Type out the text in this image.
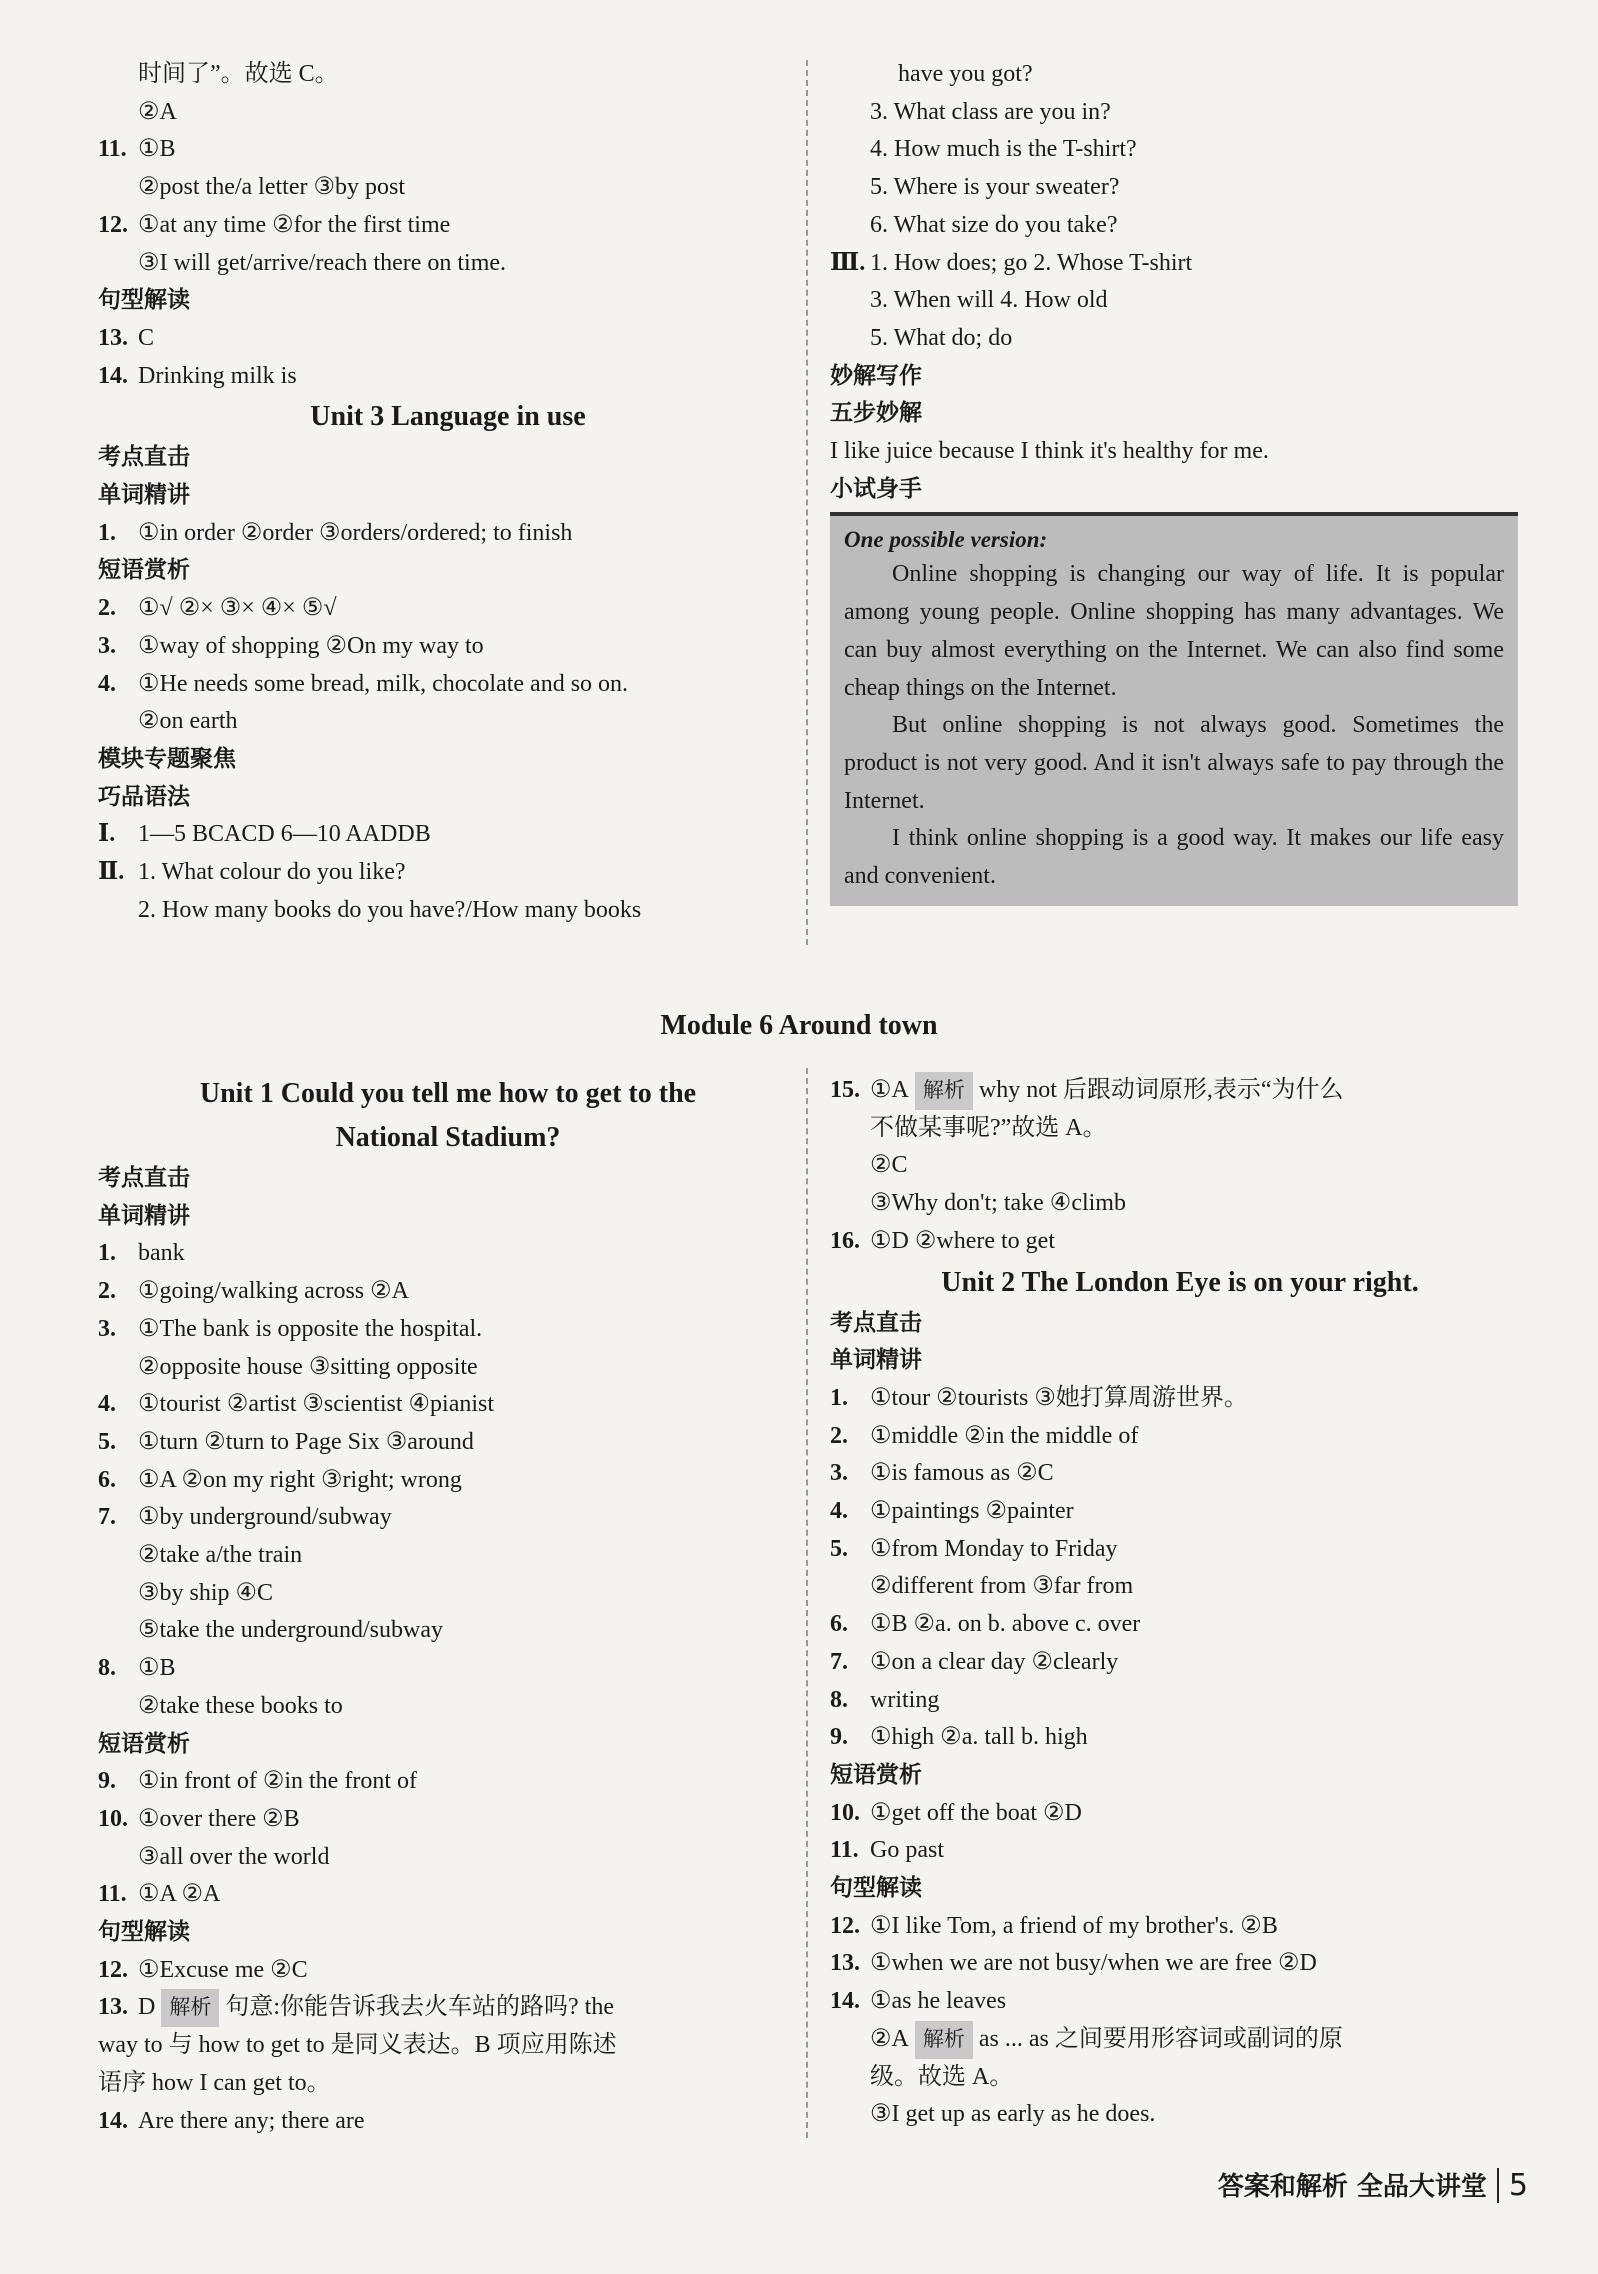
时间了”。故选 C。
②A
11. ①B
②post the/a letter ③by post
12. ①at any time ②for the first time
③I will get/arrive/reach there on time.
句型解读
13. C
14. Drinking milk is
Unit 3 Language in use
考点直击
单词精讲
1. ①in order ②order ③orders/ordered; to finish
短语赏析
2. ①√ ②× ③× ④× ⑤√
3. ①way of shopping ②On my way to
4. ①He needs some bread, milk, chocolate and so on.
②on earth
模块专题聚焦
巧品语法
Ⅰ. 1—5 BCACD 6—10 AADDB
Ⅱ. 1. What colour do you like?
2. How many books do you have?/How many books
have you got?
3. What class are you in?
4. How much is the T-shirt?
5. Where is your sweater?
6. What size do you take?
Ⅲ. 1. How does; go 2. Whose T-shirt
3. When will 4. How old
5. What do; do
妙解写作
五步妙解
I like juice because I think it's healthy for me.
小试身手
One possible version:
Online shopping is changing our way of life. It is popular among young people. Online shopping has many advantages. We can buy almost everything on the Internet. We can also find some cheap things on the Internet.
But online shopping is not always good. Sometimes the product is not very good. And it isn't always safe to pay through the Internet.
I think online shopping is a good way. It makes our life easy and convenient.
Module 6 Around town
Unit 1 Could you tell me how to get to the
National Stadium?
考点直击
单词精讲
1. bank
2. ①going/walking across ②A
3. ①The bank is opposite the hospital.
②opposite house ③sitting opposite
4. ①tourist ②artist ③scientist ④pianist
5. ①turn ②turn to Page Six ③around
6. ①A ②on my right ③right; wrong
7. ①by underground/subway
②take a/the train
③by ship ④C
⑤take the underground/subway
8. ①B
②take these books to
短语赏析
9. ①in front of ②in the front of
10. ①over there ②B
③all over the world
11. ①A ②A
句型解读
12. ①Excuse me ②C
13. D 解析 句意:你能告诉我去火车站的路吗? the
way to 与 how to get to 是同义表达。B 项应用陈述
语序 how I can get to。
14. Are there any; there are
15. ①A 解析 why not 后跟动词原形,表示“为什么
不做某事呢?”故选 A。
②C
③Why don't; take ④climb
16. ①D ②where to get
Unit 2 The London Eye is on your right.
考点直击
单词精讲
1. ①tour ②tourists ③她打算周游世界。
2. ①middle ②in the middle of
3. ①is famous as ②C
4. ①paintings ②painter
5. ①from Monday to Friday
②different from ③far from
6. ①B ②a. on b. above c. over
7. ①on a clear day ②clearly
8. writing
9. ①high ②a. tall b. high
短语赏析
10. ①get off the boat ②D
11. Go past
句型解读
12. ①I like Tom, a friend of my brother's. ②B
13. ①when we are not busy/when we are free ②D
14. ①as he leaves
②A 解析 as ... as 之间要用形容词或副词的原
级。故选 A。
③I get up as early as he does.
答案和解析 全品大讲堂 5
